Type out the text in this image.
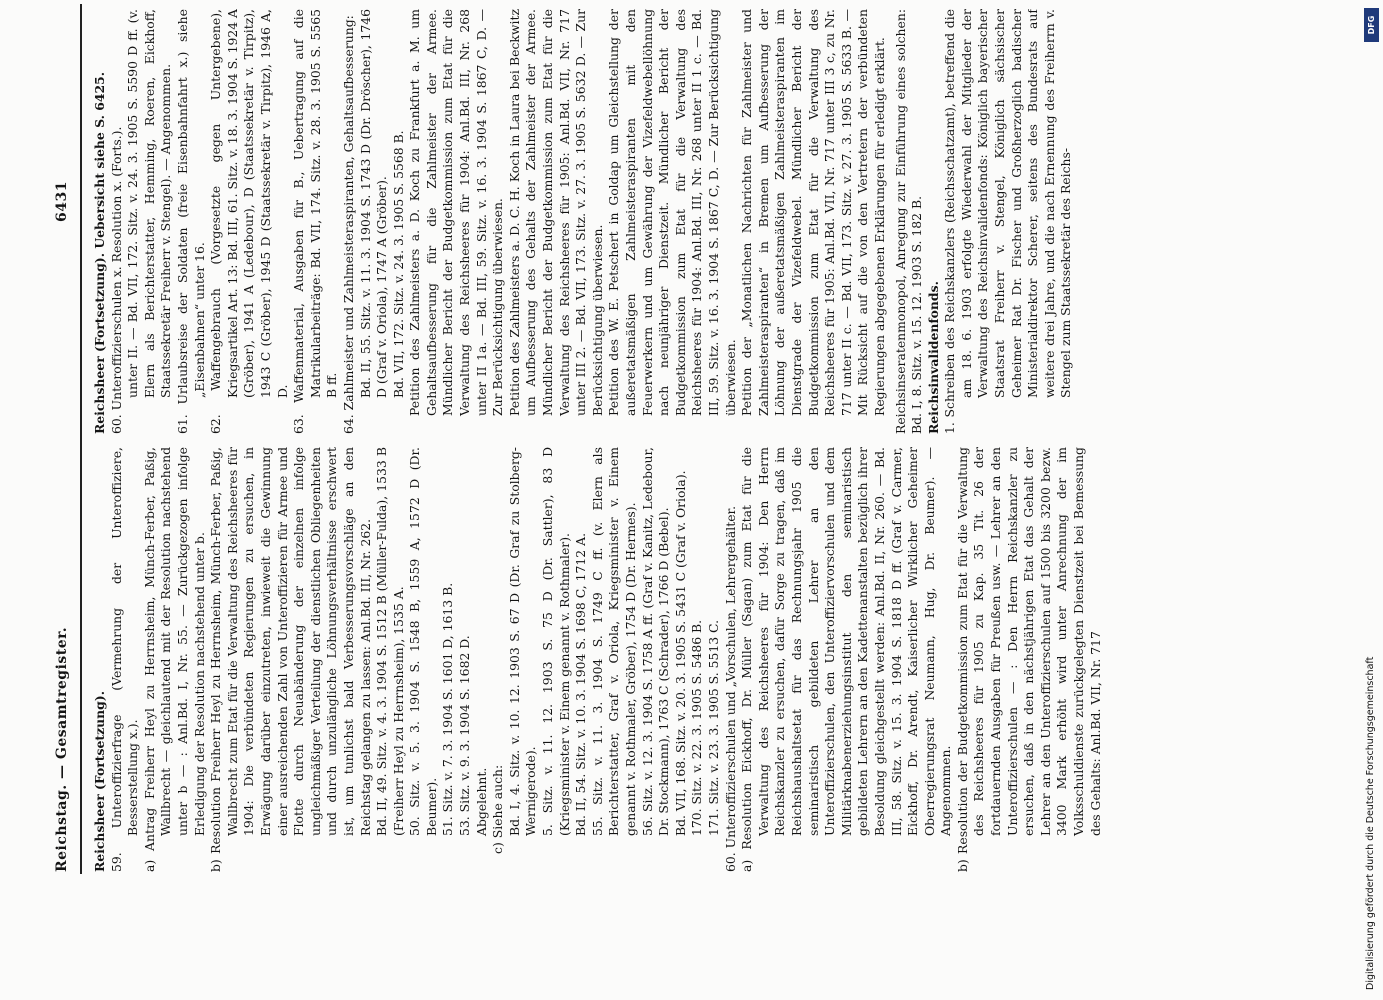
Reichstag. — Gesamtregister.
6431

Reichsheer (Fortsetzung). 59. Unteroffizierfrage (Vermehrung der Unteroffiziere, Besserstellung x.). a) Antrag Freiherr Heyl zu Herrnsheim, Münch-Ferber, Paßig, Wallbrecht — gleichlautend mit der Resolution nachstehend unter b — : Anl.Bd. I, Nr. 55. — Zurückgezogen infolge Erledigung der Resolution nachstehend unter b. b) Resolution Freiherr Heyl zu Herrnsheim, Münch-Ferber, Paßig, Wallbrecht zum Etat für die Verwaltung des Reichsheeres für 1904: Die verbündeten Regierungen zu ersuchen, in Erwägung darüber einzutreten, inwieweit die Gewinnung einer ausreichenden Zahl von Unteroffizieren für Armee und Flotte durch Neuabänderung der einzelnen infolge ungleichmäßiger Verteilung der dienstlichen Obliegenheiten und durch unzulängliche Löhnungsverhältnisse erschwert ist, um tunlichst bald Verbesserungsvorschläge an den Reichstag gelangen zu lassen: Anl.Bd. III, Nr. 262. Bd. II, 49. Sitz. v. 4. 3. 1904 S. 1512 B (Müller-Fulda), 1533 B (Freiherr Heyl zu Herrnsheim), 1535 A. 50. Sitz. v. 5. 3. 1904 S. 1548 B, 1559 A, 1572 D (Dr. Beumer). 51. Sitz. v. 7. 3. 1904 S. 1601 D, 1613 B. 53. Sitz. v. 9. 3. 1904 S. 1682 D. Abgelehnt. c) Siehe auch: Bd. I, 4. Sitz. v. 10. 12. 1903 S. 67 D (Dr. Graf zu Stolberg-Wernigerode). 5. Sitz. v. 11. 12. 1903 S. 75 D (Dr. Sattler), 83 D (Kriegsminister v. Einem genannt v. Rothmaler). Bd. II, 54. Sitz. v. 10. 3. 1904 S. 1698 C, 1712 A. 55. Sitz. v. 11. 3. 1904 S. 1749 C ff. (v. Elern als Berichterstatter, Graf v. Oriola, Kriegsminister v. Einem genannt v. Rothmaler, Gröber), 1754 D (Dr. Hermes). 56. Sitz. v. 12. 3. 1904 S. 1758 A ff. (Graf v. Kanitz, Ledebour, Dr. Stockmann), 1763 C (Schrader), 1766 D (Bebel). Bd. VII, 168. Sitz. v. 20. 3. 1905 S. 5431 C (Graf v. Oriola). 170. Sitz. v. 22. 3. 1905 S. 5486 B. 171. Sitz. v. 23. 3. 1905 S. 5513 C. 60. Unteroffizierschulen und „Vorschulen, Lehrergehälter. a) Resolution Eickhoff, Dr. Müller (Sagan) zum Etat für die Verwaltung des Reichsheeres für 1904: Den Herrn Reichskanzler zu ersuchen, dafür Sorge zu tragen, daß im Reichshaushaltsetat für das Rechnungsjahr 1905 die seminaristisch gebildeten Lehrer an den Unteroffizierschulen, den Unteroffiziervorschulen und dem Militärknabenerziehungsinstitut den seminaristisch gebildeten Lehrern an den Kadettenanstalten bezüglich ihrer Besoldung gleichgestellt werden: Anl.Bd. II, Nr. 260. — Bd. III, 58. Sitz. v. 15. 3. 1904 S. 1818 D ff. (Graf v. Carmer, Eickhoff, Dr. Arendt, Kaiserlicher Wirklicher Geheimer Oberregierungsrat Neumann, Hug, Dr. Beumer). — Angenommen. b) Resolution der Budgetkommission zum Etat für die Verwaltung des Reichsheeres für 1905 zu Kap. 35 Tit. 26 der fortdauernden Ausgaben für Preußen usw. — Lehrer an den Unteroffizierschulen — : Den Herrn Reichskanzler zu ersuchen, daß in den nächstjährigen Etat das Gehalt der Lehrer an den Unteroffizierschulen auf 1500 bis 3200 bezw. 3400 Mark erhöht wird unter Anrechnung der im Volksschuldienste zurückgelegten Dienstzeit bei Bemessung des Gehalts: Anl.Bd. VII, Nr. 717

Reichsheer (Fortsetzung). Uebersicht siehe S. 6425. 60. Unteroffizierschulen x. Resolution x. (Forts.). unter II. — Bd. VII, 172. Sitz. v. 24. 3. 1905 S. 5590 D ff. (v. Elern als Berichterstatter, Hemming, Roeren, Eickhoff, Staatssekretär Freiherr v. Stengel). — Angenommen. 61. Urlaubsreise der Soldaten (freie Eisenbahnfahrt x.) siehe „Eisenbahnen“ unter 16. 62. Waffengebrauch (Vorgesetzte gegen Untergebene), Kriegsartikel Art. 13: Bd. III, 61. Sitz. v. 18. 3. 1904 S. 1924 A (Gröber), 1941 A (Ledebour), D (Staatssekretär v. Tirpitz), 1943 C (Gröber), 1945 D (Staatssekretär v. Tirpitz), 1946 A, D. 63. Waffenmaterial, Ausgaben für B., Uebertragung auf die Matrikularbeiträge: Bd. VII, 174. Sitz. v. 28. 3. 1905 S. 5565 B ff. 64. Zahlmeister und Zahlmeisteraspiranten, Gehaltsaufbesserung: Bd. II, 55. Sitz. v. 11. 3. 1904 S. 1743 D (Dr. Dröscher), 1746 D (Graf v. Oriola), 1747 A (Gröber). Bd. VII, 172. Sitz. v. 24. 3. 1905 S. 5568 B. Petition des Zahlmeisters a. D. Koch zu Frankfurt a. M. um Gehaltsaufbesserung für die Zahlmeister der Armee. Mündlicher Bericht der Budgetkommission zum Etat für die Verwaltung des Reichsheeres für 1904: Anl.Bd. III, Nr. 268 unter II 1a. — Bd. III, 59. Sitz. v. 16. 3. 1904 S. 1867 C, D. — Zur Berücksichtigung überwiesen. Petition des Zahlmeisters a. D. C. H. Koch in Laura bei Beckwitz um Aufbesserung des Gehalts der Zahlmeister der Armee. Mündlicher Bericht der Budgetkommission zum Etat für die Verwaltung des Reichsheeres für 1905: Anl.Bd. VII, Nr. 717 unter III 2. — Bd. VII, 173. Sitz. v. 27. 3. 1905 S. 5632 D. — Zur Berücksichtigung überwiesen. Petition des W. E. Petschert in Goldap um Gleichstellung der außeretatsmäßigen Zahlmeisteraspiranten mit den Feuerwerkern und um Gewährung der Vizefeldwebellöhnung nach neunjähriger Dienstzeit. Mündlicher Bericht der Budgetkommission zum Etat für die Verwaltung des Reichsheeres für 1904: Anl.Bd. III, Nr. 268 unter II 1 c. — Bd. III, 59. Sitz. v. 16. 3. 1904 S. 1867 C, D. — Zur Berücksichtigung überwiesen. Petition der „Monatlichen Nachrichten für Zahlmeister und Zahlmeisteraspiranten“ in Bremen um Aufbesserung der Löhnung der außeretatsmäßigen Zahlmeisteraspiranten im Dienstgrade der Vizefeldwebel. Mündlicher Bericht der Budgetkommission zum Etat für die Verwaltung des Reichsheeres für 1905: Anl.Bd. VII, Nr. 717 unter III 3 c, zu Nr. 717 unter II c. — Bd. VII, 173. Sitz. v. 27. 3. 1905 S. 5633 B. — Mit Rücksicht auf die von den Vertretern der verbündeten Regierungen abgegebenen Erklärungen für erledigt erklärt. Reichsinseratenmonopol, Anregung zur Einführung eines solchen: Bd. I, 8. Sitz. v. 15. 12. 1903 S. 182 B. Reichsinvalidenfonds. 1. Schreiben des Reichskanzlers (Reichsschatzamt), betreffend die am 18. 6. 1903 erfolgte Wiederwahl der Mitglieder der Verwaltung des Reichsinvalidenfonds: Königlich bayerischer Staatsrat Freiherr v. Stengel, Königlich sächsischer Geheimer Rat Dr. Fischer und Großherzoglich badischer Ministerialdirektor Scherer, seitens des Bundesrats auf weitere drei Jahre, und die nach Ernennung des Freiherrn v. Stengel zum Staatssekretär des Reichs-

Digitalisierung gefördert durch die Deutsche Forschungsgemeinschaft
DFG
